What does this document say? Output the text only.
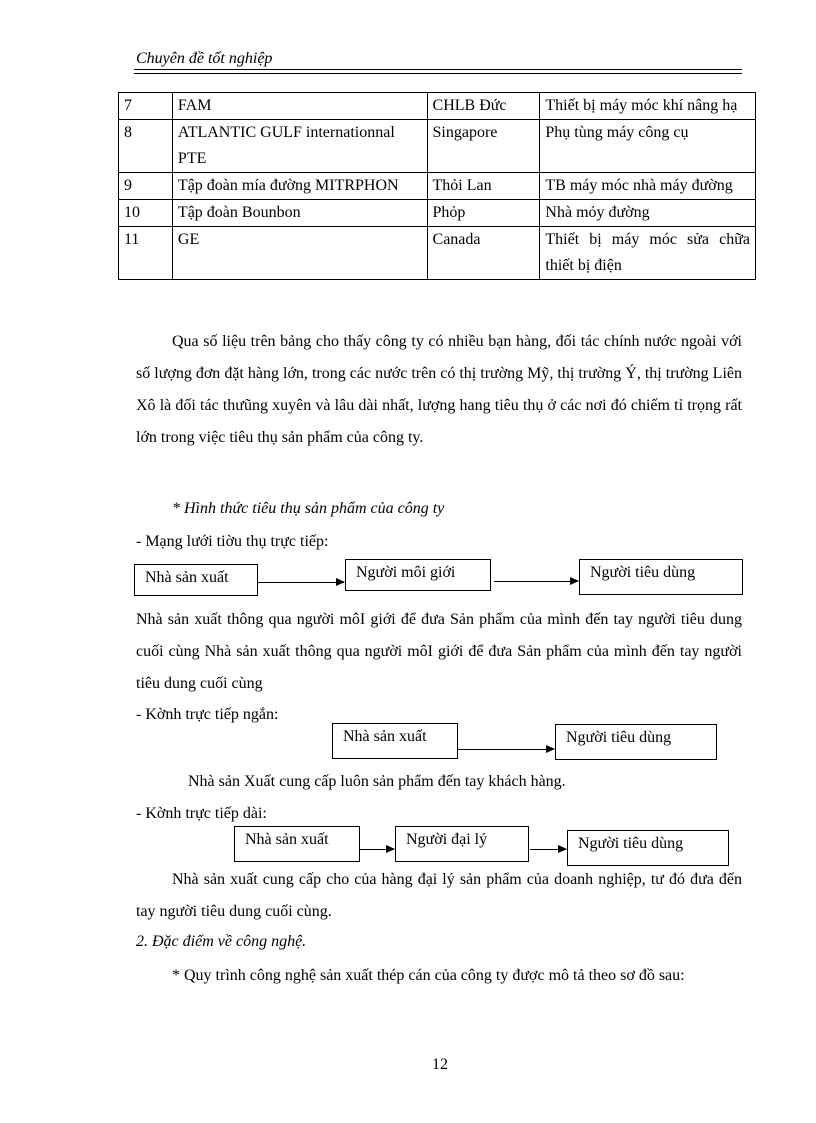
Chuyên đề tốt nghiệp
7	FAM	CHLB Đức	Thiết bị máy móc khí nâng hạ
8	ATLANTIC GULF internationnal PTE	Singapore	Phụ tùng máy công cụ
9	Tập đoàn mía đường MITRPHON	Thỏi Lan	TB máy móc nhà máy đường
10	Tập đoàn Bounbon	Phỏp	Nhà mỏy đường
11	GE	Canada	Thiết bị máy móc sửa chữa thiết bị điện
Qua số liệu trên bảng cho thấy công ty có nhiều bạn hàng, đối tác chính nước ngoài với số lượng đơn đặt hàng lớn, trong các nước trên có thị trường Mỹ, thị trường Ý, thị trường Liên Xô là đối tác thưũng xuyên và lâu dài nhất, lượng hang tiêu thụ ở các nơi đó chiếm tỉ trọng rất lớn trong việc tiêu thụ sản phẩm của công ty.
* Hình thức tiêu thụ sản phẩm của công ty
- Mạng lưới tiờu thụ trực tiếp:
Nhà sản xuất	Người môi giới	Người tiêu dùng
Nhà sản xuất thông qua người môI giới để đưa Sản phẩm của mình đến tay người tiêu dung cuối cùng Nhà sản xuất thông qua người môI giới để đưa Sản phẩm của mình đến tay người tiêu dung cuối cùng
- Kờnh trực tiếp ngắn:
Nhà sản xuất	Người tiêu dùng
Nhà sản Xuất cung cấp luôn sản phẩm đến tay khách hàng.
- Kờnh trực tiếp dài:
Nhà sản xuất	Người đại lý	Người tiêu dùng
Nhà sản xuất cung cấp cho của hàng đại lý sản phẩm của doanh nghiệp, tư đó đưa đến tay người tiêu dung cuối cùng.
2. Đặc điểm về công nghệ.
* Quy trình công nghệ sản xuất thép cán của công ty được mô tả theo sơ đồ sau:
12
